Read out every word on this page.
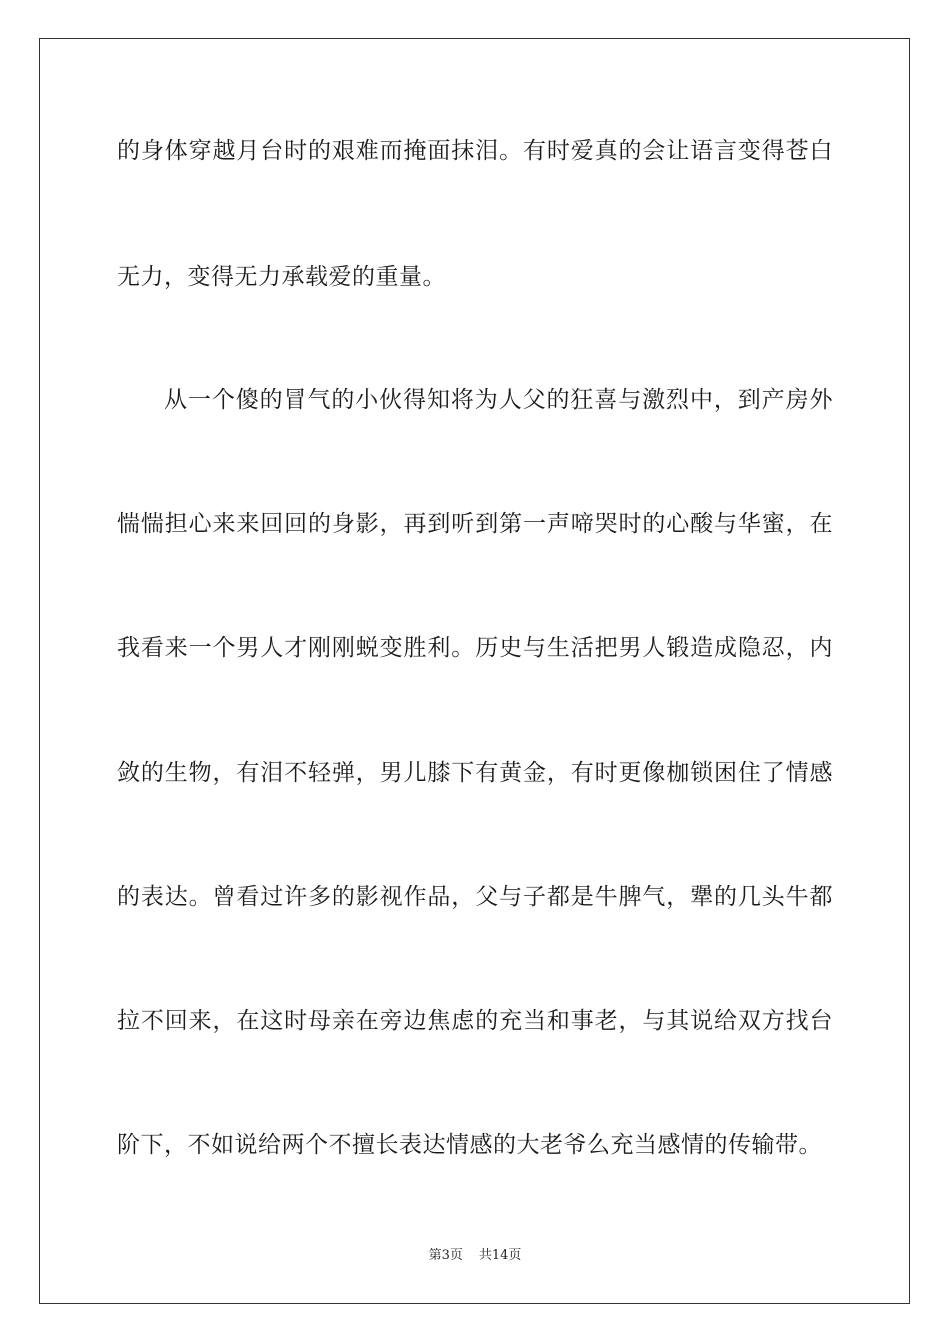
的身体穿越月台时的艰难而掩面抹泪。有时爱真的会让语言变得苍白
无力，变得无力承载爱的重量。
从一个傻的冒气的小伙得知将为人父的狂喜与激烈中，到产房外
惴惴担心来来回回的身影，再到听到第一声啼哭时的心酸与华蜜，在
我看来一个男人才刚刚蜕变胜利。历史与生活把男人锻造成隐忍，内
敛的生物，有泪不轻弹，男儿膝下有黄金，有时更像枷锁困住了情感
的表达。曾看过许多的影视作品，父与子都是牛脾气，犟的几头牛都
拉不回来，在这时母亲在旁边焦虑的充当和事老，与其说给双方找台
阶下，不如说给两个不擅长表达情感的大老爷么充当感情的传输带。
第3页 共14页
